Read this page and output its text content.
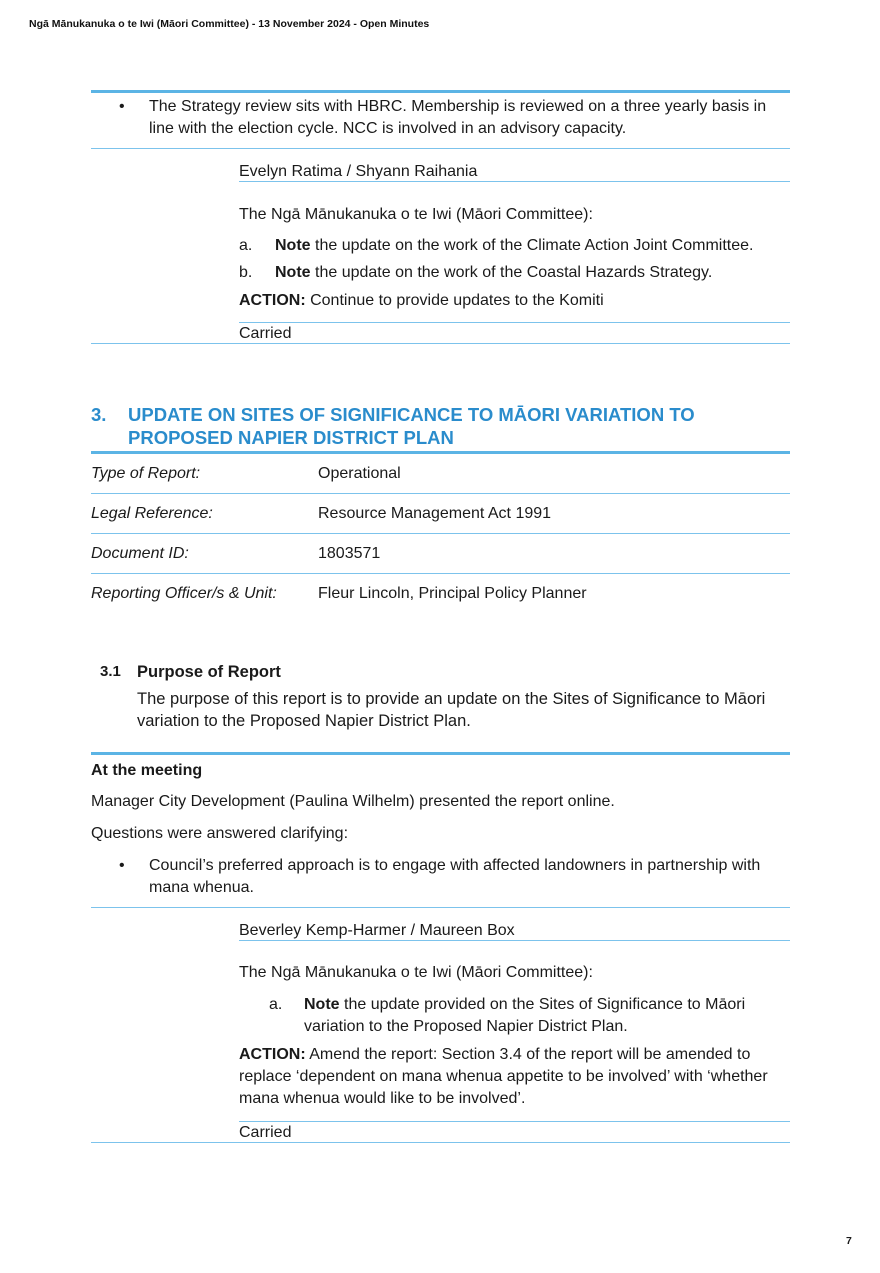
Ngā Mānukanuka o te Iwi (Māori Committee) - 13 November 2024 - Open Minutes
• The Strategy review sits with HBRC. Membership is reviewed on a three yearly basis in line with the election cycle. NCC is involved in an advisory capacity.
Evelyn Ratima / Shyann Raihania
The Ngā Mānukanuka o te Iwi (Māori Committee):
a. Note the update on the work of the Climate Action Joint Committee.
b. Note the update on the work of the Coastal Hazards Strategy.
ACTION: Continue to provide updates to the Komiti
Carried
3.	UPDATE ON SITES OF SIGNIFICANCE TO MĀORI VARIATION TO PROPOSED NAPIER DISTRICT PLAN
Type of Report:	Operational
Legal Reference:	Resource Management Act 1991
Document ID:	1803571
Reporting Officer/s & Unit:	Fleur Lincoln, Principal Policy Planner
3.1 Purpose of Report
The purpose of this report is to provide an update on the Sites of Significance to Māori variation to the Proposed Napier District Plan.
At the meeting
Manager City Development (Paulina Wilhelm) presented the report online.
Questions were answered clarifying:
• Council’s preferred approach is to engage with affected landowners in partnership with mana whenua.
Beverley Kemp-Harmer / Maureen Box
The Ngā Mānukanuka o te Iwi (Māori Committee):
a. Note the update provided on the Sites of Significance to Māori variation to the Proposed Napier District Plan.
ACTION: Amend the report: Section 3.4 of the report will be amended to replace ‘dependent on mana whenua appetite to be involved’ with ‘whether mana whenua would like to be involved’.
Carried
7
